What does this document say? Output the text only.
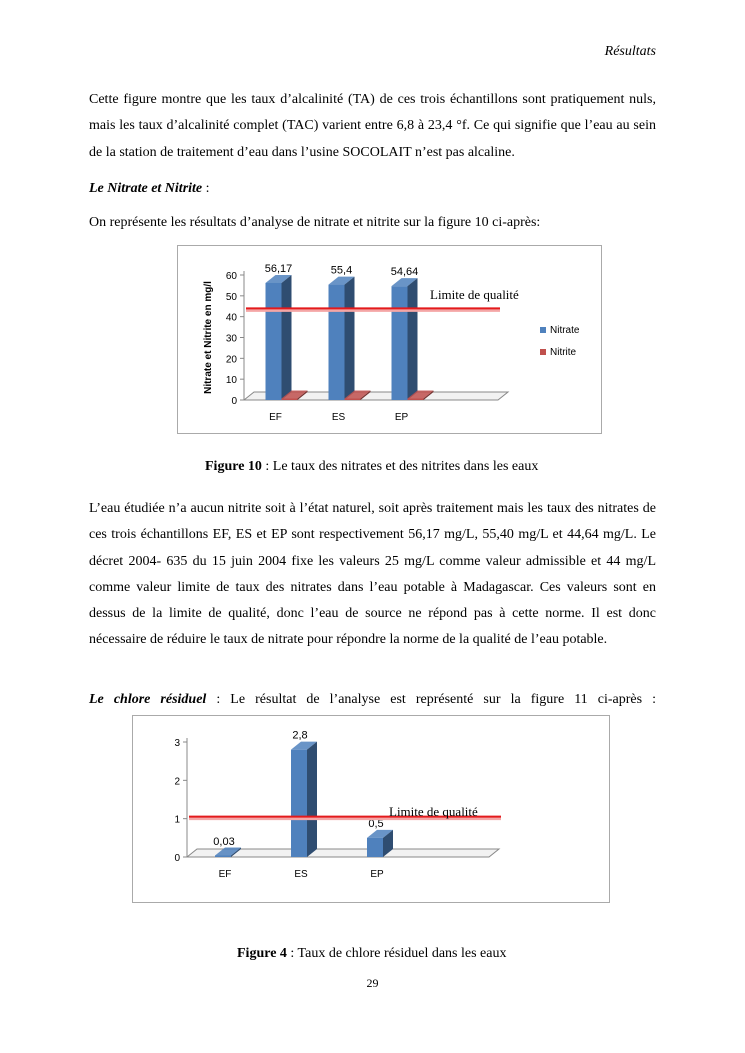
Résultats
Cette figure montre que les taux d’alcalinité (TA) de ces trois échantillons sont pratiquement nuls, mais les taux d’alcalinité complet (TAC) varient entre 6,8 à 23,4 °f. Ce qui signifie que l’eau au sein de la station de traitement d’eau dans l’usine SOCOLAIT n’est pas alcaline.
Le Nitrate et Nitrite :
On représente les résultats d’analyse de nitrate et nitrite sur la figure 10 ci-après:
0
10
20
30
40
50
60
EF	ES	EP
56,17	55,4	54,64
Limite de qualité
Nitrate et Nitrite en mg/l	Nitrate
Nitrite
Figure 10 : Le taux des nitrates et des nitrites dans les eaux
L’eau étudiée n’a aucun nitrite soit à l’état naturel, soit après traitement mais les taux des nitrates de ces trois échantillons EF, ES et EP sont respectivement 56,17 mg/L, 55,40 mg/L et 44,64 mg/L. Le décret 2004- 635 du 15 juin 2004 fixe les valeurs 25 mg/L comme valeur admissible et 44 mg/L comme valeur limite de taux des nitrates dans l’eau potable à Madagascar. Ces valeurs sont en dessus de la limite de qualité, donc l’eau de source ne répond pas à cette norme. Il est donc nécessaire de réduire le taux de nitrate pour répondre la norme de la qualité de l’eau potable.
Le chlore résiduel : Le résultat de l’analyse est représenté sur la figure 11 ci-après :
0
1
2
3
EF	ES	EP
0,03
2,8
0,5
Limite de qualité
Figure 4 : Taux de chlore résiduel dans les eaux
29
